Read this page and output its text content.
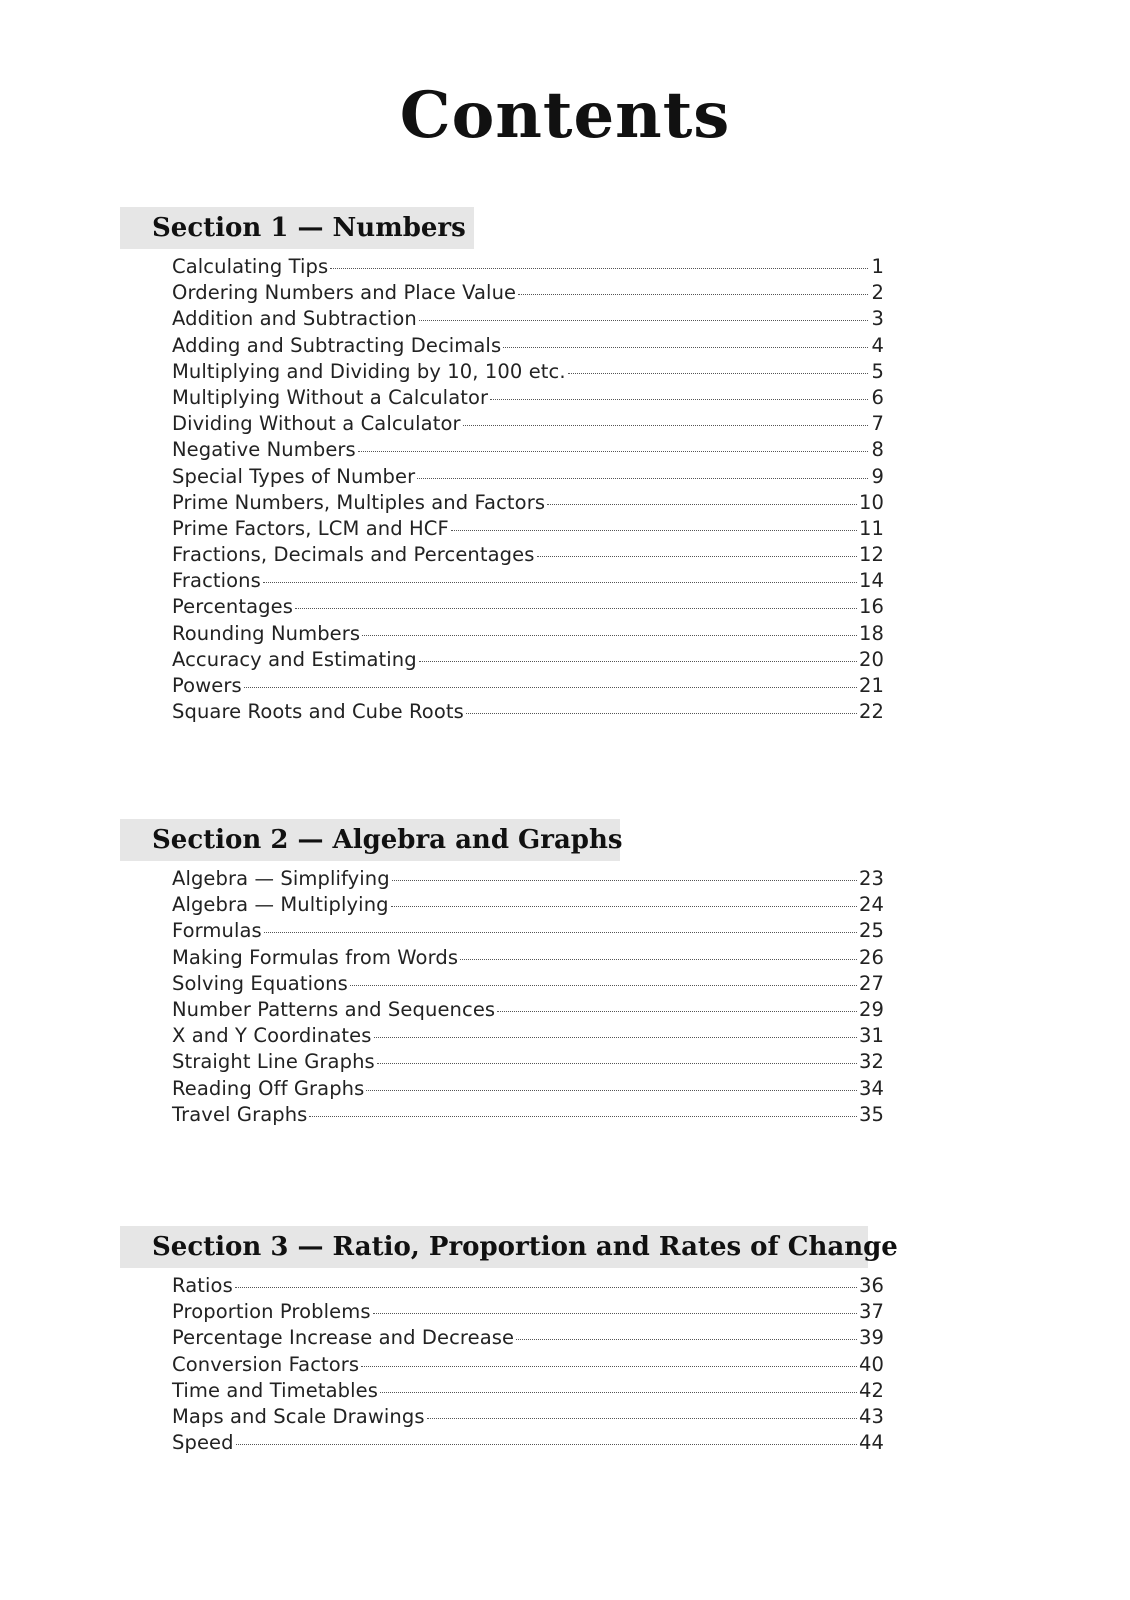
Contents
Section 1 — Numbers
Calculating Tips	1
Ordering Numbers and Place Value	2
Addition and Subtraction	3
Adding and Subtracting Decimals	4
Multiplying and Dividing by 10, 100 etc.	5
Multiplying Without a Calculator	6
Dividing Without a Calculator	7
Negative Numbers	8
Special Types of Number	9
Prime Numbers, Multiples and Factors	10
Prime Factors, LCM and HCF	11
Fractions, Decimals and Percentages	12
Fractions	14
Percentages	16
Rounding Numbers	18
Accuracy and Estimating	20
Powers	21
Square Roots and Cube Roots	22
Section 2 — Algebra and Graphs
Algebra — Simplifying	23
Algebra — Multiplying	24
Formulas	25
Making Formulas from Words	26
Solving Equations	27
Number Patterns and Sequences	29
X and Y Coordinates	31
Straight Line Graphs	32
Reading Off Graphs	34
Travel Graphs	35
Section 3 — Ratio, Proportion and Rates of Change
Ratios	36
Proportion Problems	37
Percentage Increase and Decrease	39
Conversion Factors	40
Time and Timetables	42
Maps and Scale Drawings	43
Speed	44
